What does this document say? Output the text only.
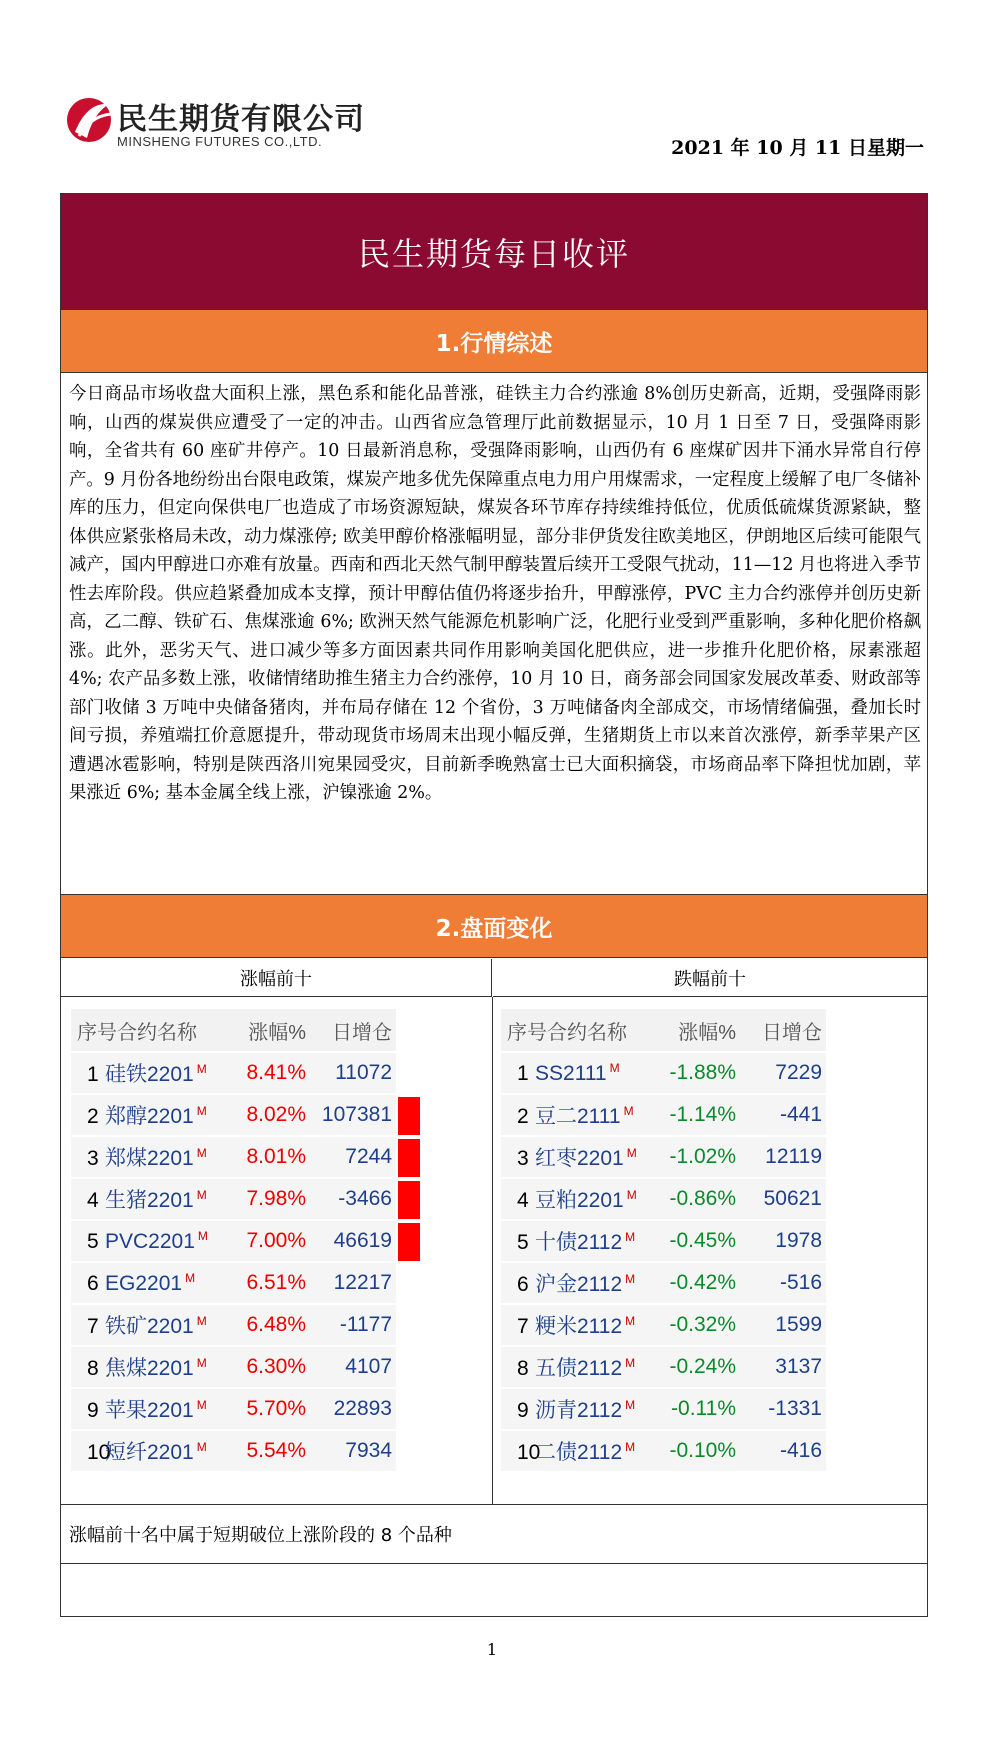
民生期货有限公司
MINSHENG FUTURES CO.,LTD.	2021 年 10 月 11 日星期一
民生期货每日收评
1.行情综述
今日商品市场收盘大面积上涨，黑色系和能化品普涨，硅铁主力合约涨逾 8%创历史新高，近期，受强降雨影响，山西的煤炭供应遭受了一定的冲击。山西省应急管理厅此前数据显示，10 月 1 日至 7 日，受强降雨影响，全省共有 60 座矿井停产。10 日最新消息称，受强降雨影响，山西仍有 6 座煤矿因井下涌水异常自行停产。9 月份各地纷纷出台限电政策，煤炭产地多优先保障重点电力用户用煤需求，一定程度上缓解了电厂冬储补库的压力，但定向保供电厂也造成了市场资源短缺，煤炭各环节库存持续维持低位，优质低硫煤货源紧缺，整体供应紧张格局未改，动力煤涨停; 欧美甲醇价格涨幅明显，部分非伊货发往欧美地区，伊朗地区后续可能限气减产，国内甲醇进口亦难有放量。西南和西北天然气制甲醇装置后续开工受限气扰动，11—12 月也将进入季节性去库阶段。供应趋紧叠加成本支撑，预计甲醇估值仍将逐步抬升，甲醇涨停，PVC 主力合约涨停并创历史新高，乙二醇、铁矿石、焦煤涨逾 6%; 欧洲天然气能源危机影响广泛，化肥行业受到严重影响，多种化肥价格飙涨。此外，恶劣天气、进口减少等多方面因素共同作用影响美国化肥供应，进一步推升化肥价格，尿素涨超 4%; 农产品多数上涨，收储情绪助推生猪主力合约涨停，10 月 10 日，商务部会同国家发展改革委、财政部等部门收储 3 万吨中央储备猪肉，并布局存储在 12 个省份，3 万吨储备肉全部成交，市场情绪偏强，叠加长时间亏损，养殖端扛价意愿提升，带动现货市场周末出现小幅反弹，生猪期货上市以来首次涨停，新季苹果产区遭遇冰雹影响，特别是陕西洛川宛果园受灾，目前新季晚熟富士已大面积摘袋，市场商品率下降担忧加剧，苹果涨近 6%; 基本金属全线上涨，沪镍涨逾 2%。
2.盘面变化
涨幅前十	跌幅前十
序号合约名称	涨幅%	日增仓
1 硅铁2201 $^M$	8.41%	11072
2 郑醇2201 $^M$	8.02% 107381
3 郑煤2201 $^M$	8.01%	7244
4 生猪2201 $^M$	7.98%	-3466
5 PVC2201 $^M$	7.00%	46619
6 EG2201 $^M$	6.51%	12217
7 铁矿2201 $^M$	6.48%	-1177
8 焦煤2201 $^M$	6.30%	4107
9 苹果2201 $^M$	5.70%	22893
10短纤2201 $^M$	5.54%	7934
序号合约名称	涨幅%	日增仓
1 SS2111 $^M$	-1.88%	7229
2 豆二2111 $^M$	-1.14%	-441
3 红枣2201 $^M$	-1.02%	12119
4 豆粕2201 $^M$	-0.86%	50621
5 十债2112 $^M$	-0.45%	1978
6 沪金2112 $^M$	-0.42%	-516
7 粳米2112 $^M$	-0.32%	1599
8 五债2112 $^M$	-0.24%	3137
9 沥青2112 $^M$	-0.11%	-1331
10二债2112 $^M$	-0.10%	-416
涨幅前十名中属于短期破位上涨阶段的 8 个品种
1
